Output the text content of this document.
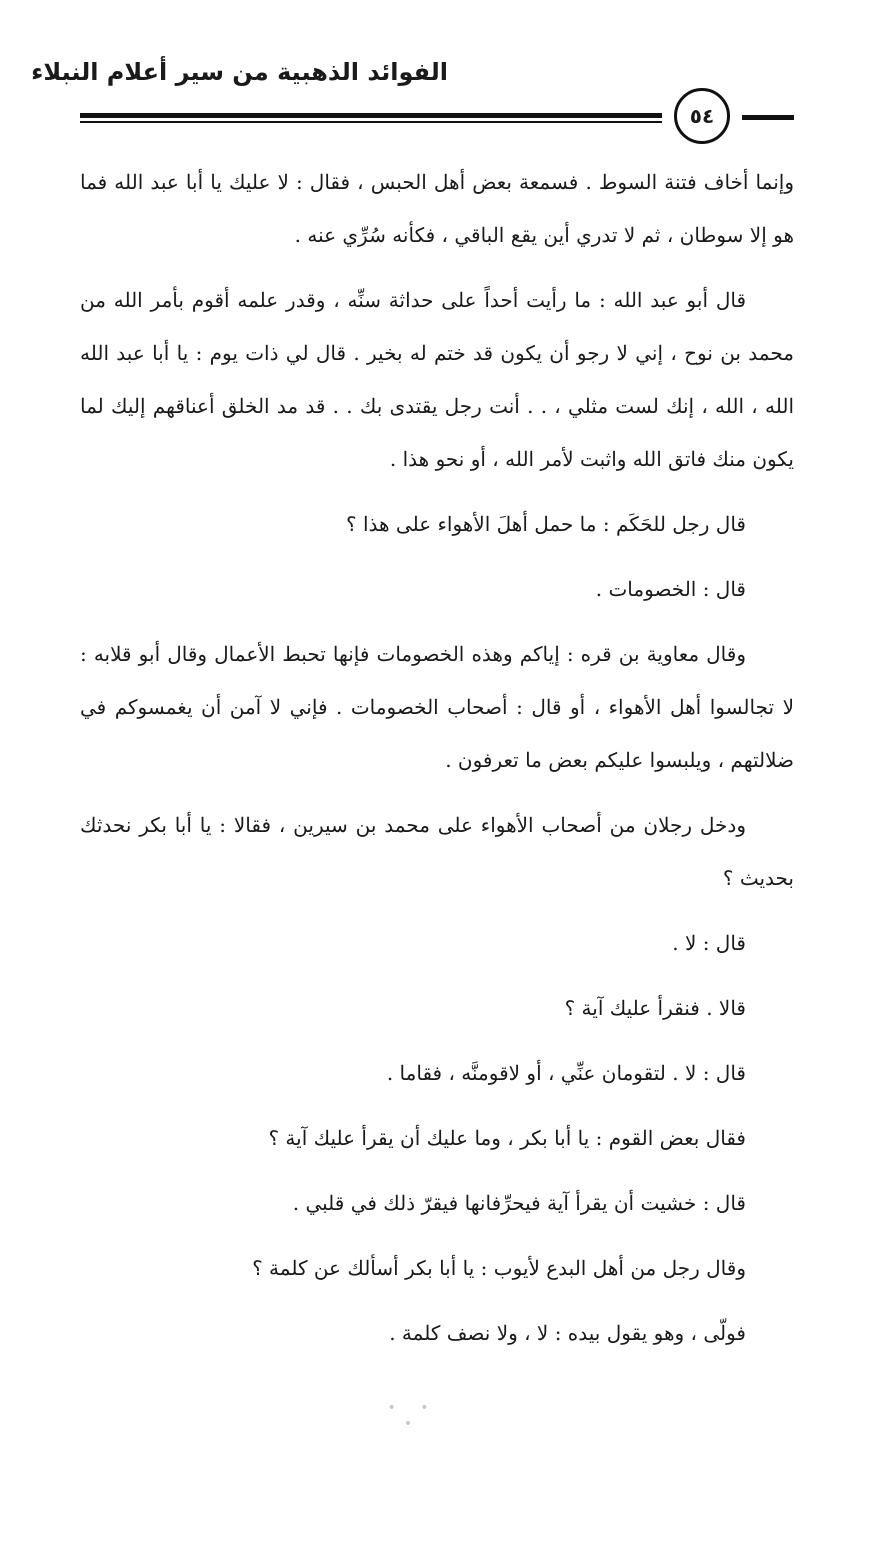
الفوائد الذهبية من سير أعلام النبلاء
٥٤

وإنما أخاف فتنة السوط . فسمعة بعض أهل الحبس ، فقال : لا عليك يا أبا عبد الله فما هو إلا سوطان ، ثم لا تدري أين يقع الباقي ، فكأنه سُرِّي عنه .

قال أبو عبد الله : ما رأيت أحداً على حداثة سنِّه ، وقدر علمه أقوم بأمر الله من محمد بن نوح ، إني لا رجو أن يكون قد ختم له بخير . قال لي ذات يوم : يا أبا عبد الله الله ، الله ، إنك لست مثلي ، . . أنت رجل يقتدى بك . . قد مد الخلق أعناقهم إليك لما يكون منك فاتق الله واثبت لأمر الله ، أو نحو هذا .

قال رجل للحَكَم : ما حمل أهلَ الأهواء على هذا ؟

قال : الخصومات .

وقال معاوية بن قره : إياكم وهذه الخصومات فإنها تحبط الأعمال وقال أبو قلابه : لا تجالسوا أهل الأهواء ، أو قال : أصحاب الخصومات . فإني لا آمن أن يغمسوكم في ضلالتهم ، ويلبسوا عليكم بعض ما تعرفون .

ودخل رجلان من أصحاب الأهواء على محمد بن سيرين ، فقالا : يا أبا بكر نحدثك بحديث ؟

قال : لا .

قالا . فنقرأ عليك آية ؟

قال : لا . لتقومان عنِّي ، أو لاقومنَّه ، فقاما .

فقال بعض القوم : يا أبا بكر ، وما عليك أن يقرأ عليك آية ؟

قال : خشيت أن يقرأ آية فيحرِّفانها فيقرّ ذلك في قلبي .

وقال رجل من أهل البدع لأيوب : يا أبا بكر أسألك عن كلمة ؟

فولّى ، وهو يقول بيده : لا ، ولا نصف كلمة .

• • •
